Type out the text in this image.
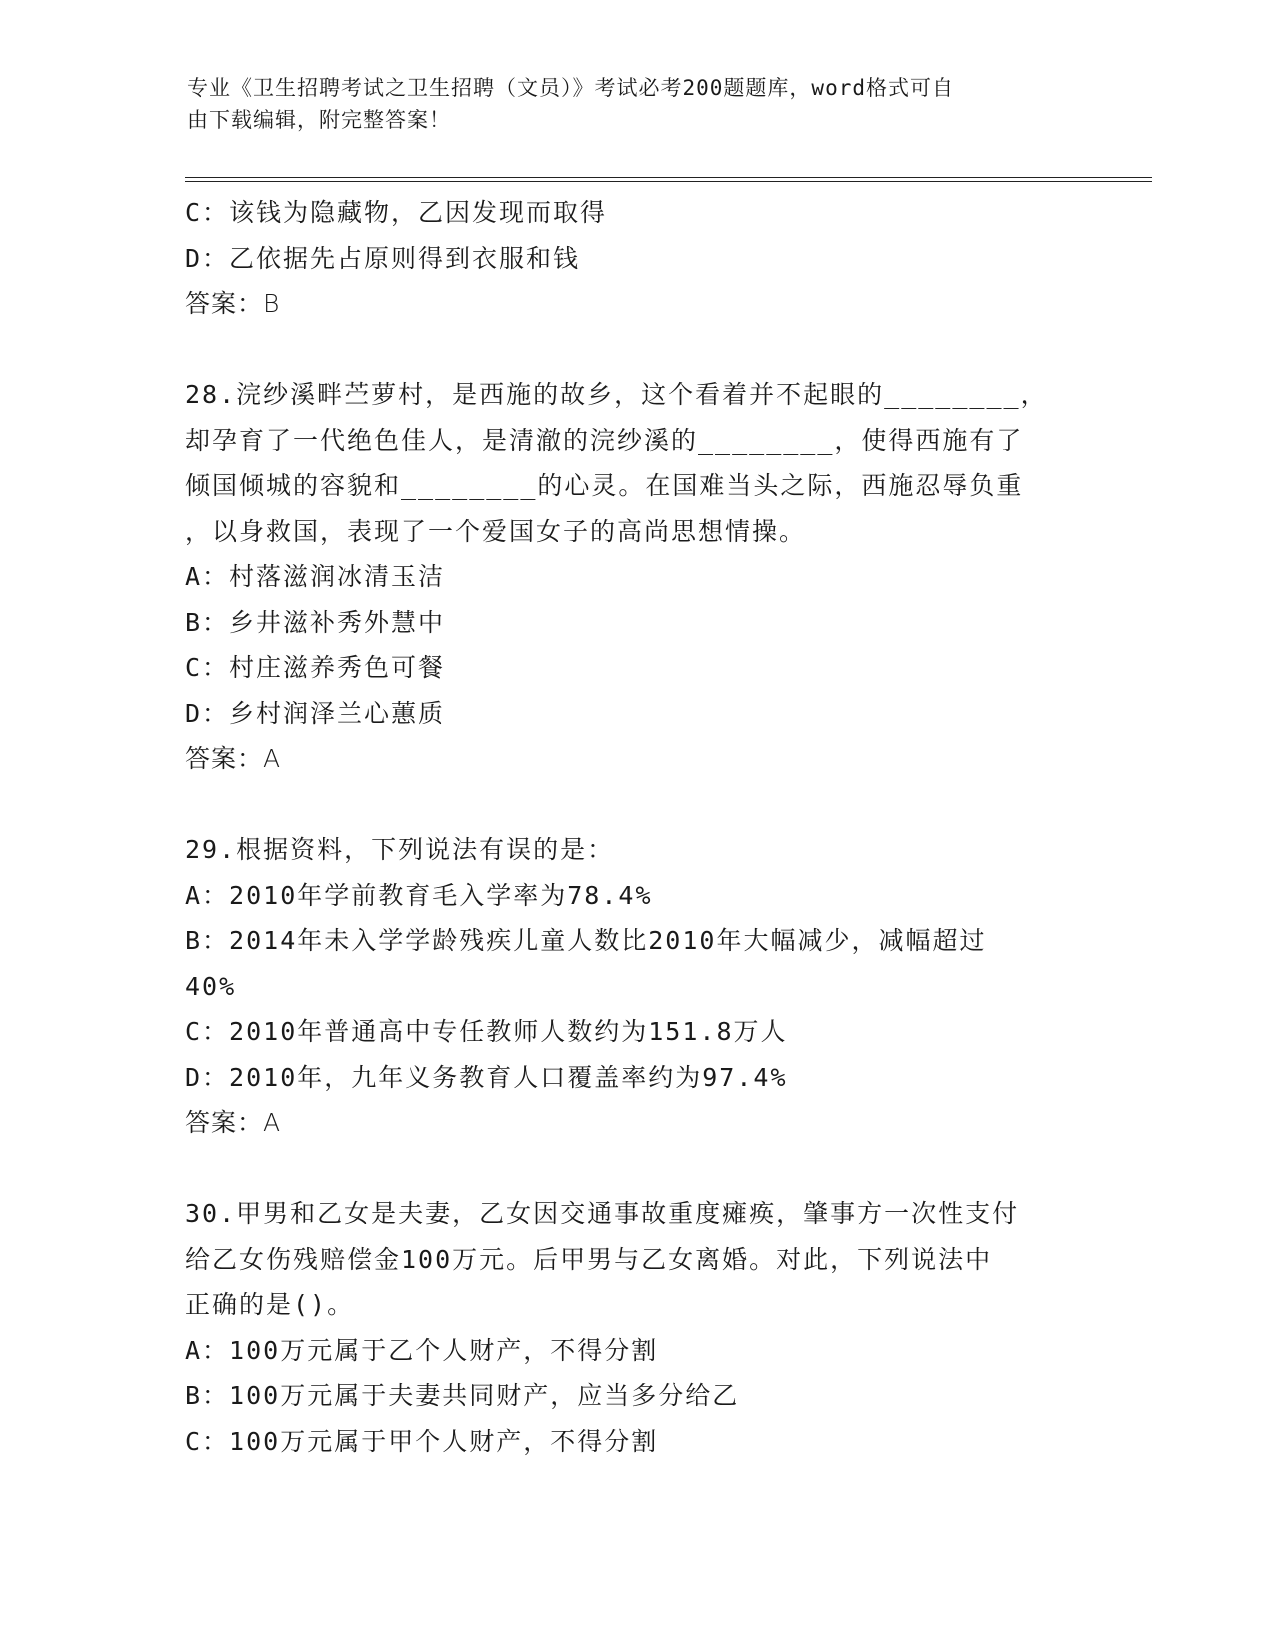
专业《卫生招聘考试之卫生招聘（文员）》考试必考200题题库，word格式可自
由下载编辑，附完整答案！
C：该钱为隐藏物，乙因发现而取得
D：乙依据先占原则得到衣服和钱
答案：B
28.浣纱溪畔苎萝村，是西施的故乡，这个看着并不起眼的________，
却孕育了一代绝色佳人，是清澈的浣纱溪的________，使得西施有了
倾国倾城的容貌和________的心灵。在国难当头之际，西施忍辱负重
，以身救国，表现了一个爱国女子的高尚思想情操。
A：村落滋润冰清玉洁
B：乡井滋补秀外慧中
C：村庄滋养秀色可餐
D：乡村润泽兰心蕙质
答案：A
29.根据资料，下列说法有误的是：
A：2010年学前教育毛入学率为78.4%
B：2014年未入学学龄残疾儿童人数比2010年大幅减少，减幅超过
40%
C：2010年普通高中专任教师人数约为151.8万人
D：2010年，九年义务教育人口覆盖率约为97.4%
答案：A
30.甲男和乙女是夫妻，乙女因交通事故重度瘫痪，肇事方一次性支付
给乙女伤残赔偿金100万元。后甲男与乙女离婚。对此，下列说法中
正确的是()。
A：100万元属于乙个人财产，不得分割
B：100万元属于夫妻共同财产，应当多分给乙
C：100万元属于甲个人财产，不得分割
